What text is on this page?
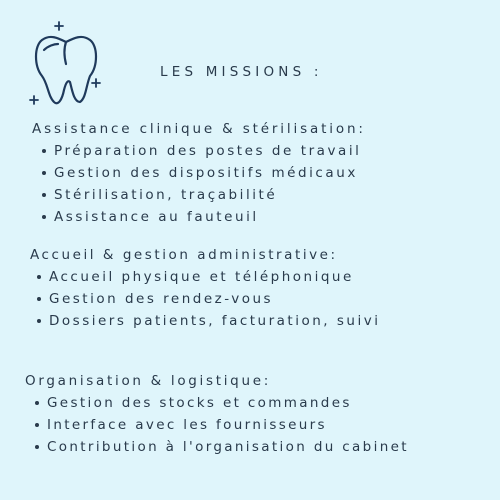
LES MISSIONS :
Assistance clinique & stérilisation:
Préparation des postes de travail
Gestion des dispositifs médicaux
Stérilisation, traçabilité
Assistance au fauteuil
Accueil & gestion administrative:
Accueil physique et téléphonique
Gestion des rendez-vous
Dossiers patients, facturation, suivi
Organisation & logistique:
Gestion des stocks et commandes
Interface avec les fournisseurs
Contribution à l'organisation du cabinet
